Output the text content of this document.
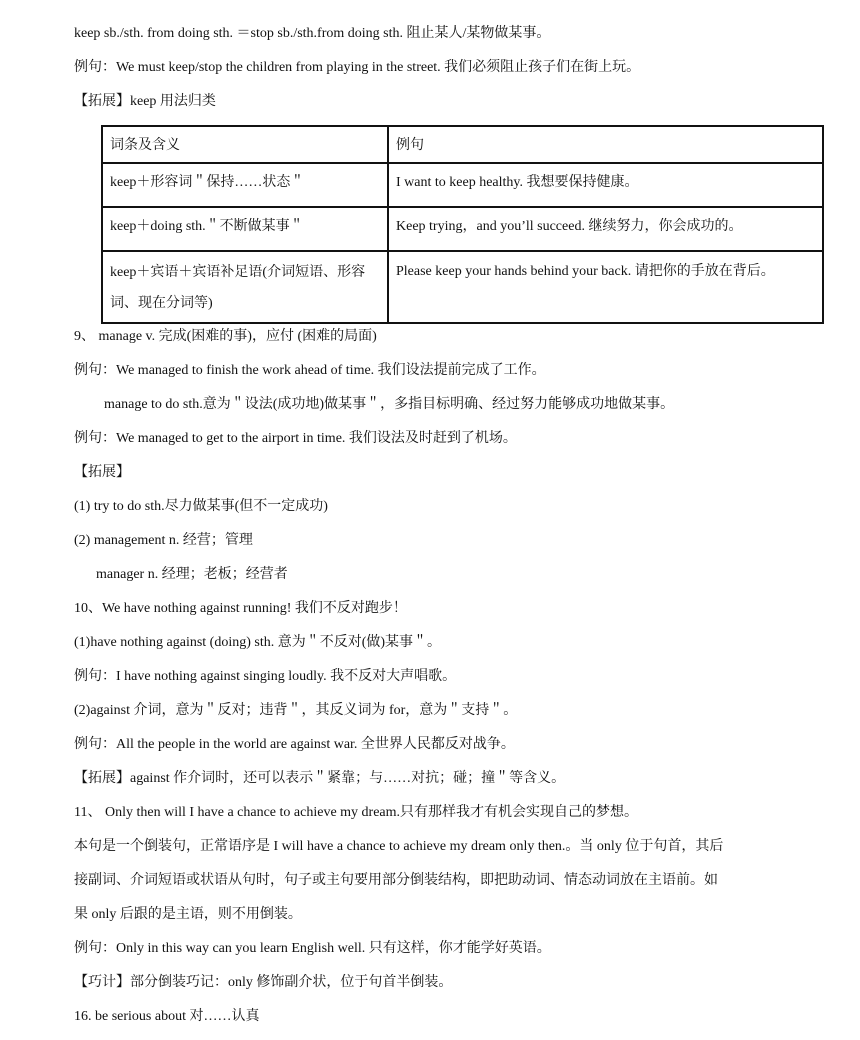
keep sb./sth. from doing sth. ＝stop sb./sth.from doing sth. 阻止某人/某物做某事。
例句：We must keep/stop the children from playing in the street. 我们必须阻止孩子们在街上玩。
【拓展】keep 用法归类
词条及含义	例句
keep＋形容词＂保持……状态＂	I want to keep healthy. 我想要保持健康。
keep＋doing sth.＂不断做某事＂	Keep trying，and you’ll succeed. 继续努力，你会成功的。
keep＋宾语＋宾语补足语(介词短语、形容词、现在分词等)	Please keep your hands behind your back. 请把你的手放在背后。
9、 manage v. 完成(困难的事)，应付 (困难的局面)
例句：We managed to finish the work ahead of time. 我们设法提前完成了工作。
manage to do sth.意为＂设法(成功地)做某事＂，多指目标明确、经过努力能够成功地做某事。
例句：We managed to get to the airport in time. 我们设法及时赶到了机场。
【拓展】
(1) try to do sth.尽力做某事(但不一定成功)
(2) management n. 经营；管理
manager n. 经理；老板；经营者
10、We have nothing against running! 我们不反对跑步！
(1)have nothing against (doing) sth. 意为＂不反对(做)某事＂。
例句：I have nothing against singing loudly. 我不反对大声唱歌。
(2)against 介词，意为＂反对；违背＂，其反义词为 for，意为＂支持＂。
例句：All the people in the world are against war. 全世界人民都反对战争。
【拓展】against 作介词时，还可以表示＂紧靠；与……对抗；碰；撞＂等含义。
11、 Only then will I have a chance to achieve my dream.只有那样我才有机会实现自己的梦想。
本句是一个倒装句，正常语序是 I will have a chance to achieve my dream only then.。当 only 位于句首，其后
接副词、介词短语或状语从句时，句子或主句要用部分倒装结构，即把助动词、情态动词放在主语前。如
果 only 后跟的是主语，则不用倒装。
例句：Only in this way can you learn English well. 只有这样，你才能学好英语。
【巧计】部分倒装巧记：only 修饰副介状，位于句首半倒装。
16. be serious about 对……认真
